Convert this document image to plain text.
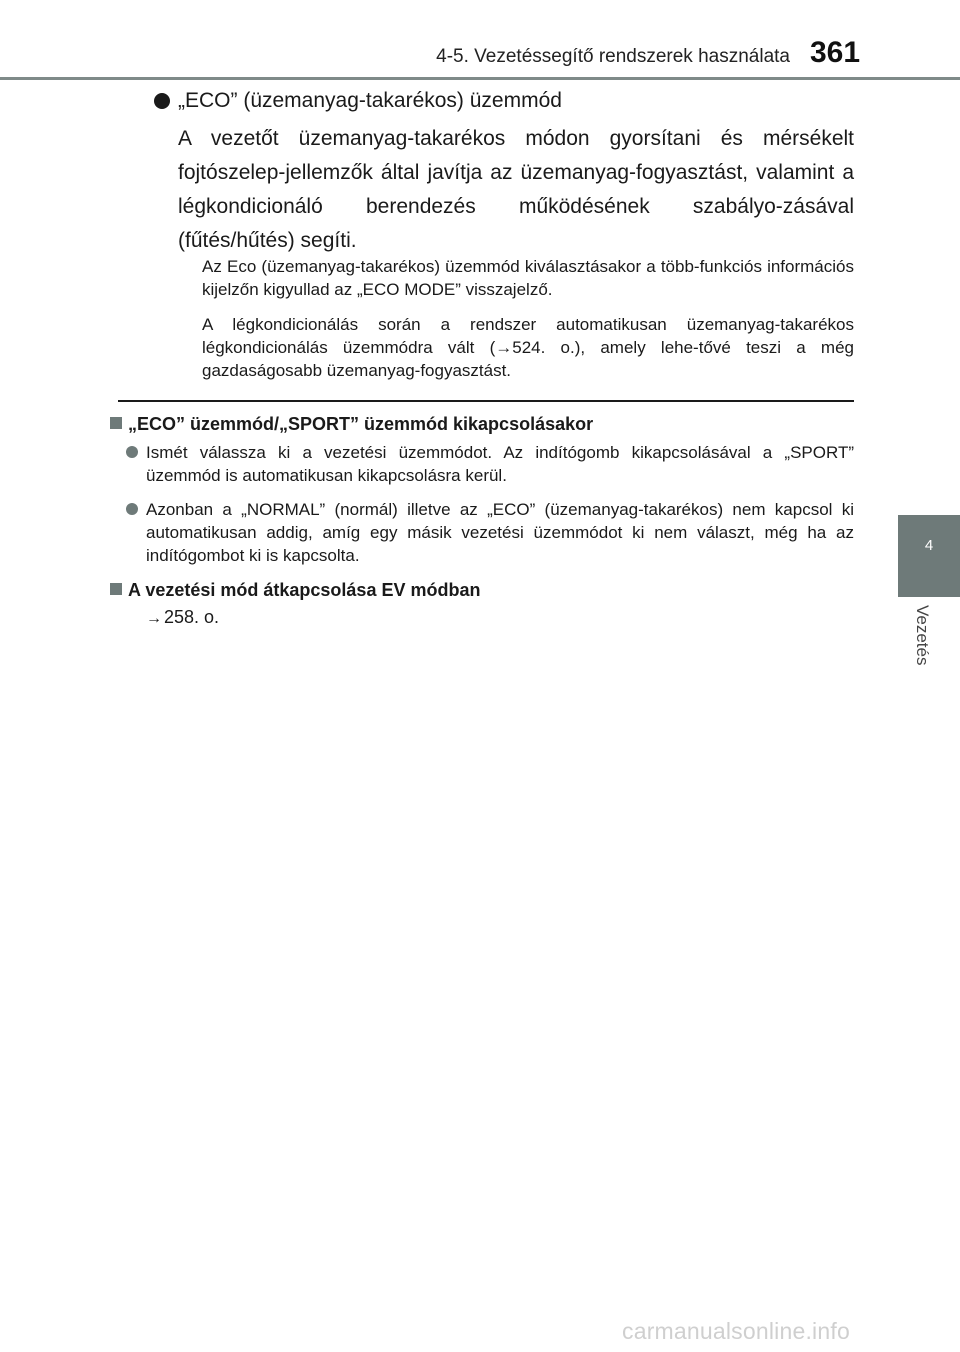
4-5. Vezetéssegítő rendszerek használata 361
4
Vezetés
„ECO” (üzemanyag-takarékos) üzemmód
A vezetőt üzemanyag-takarékos módon gyorsítani és mérsékelt fojtószelep-jellemzők által javítja az üzemanyag-fogyasztást, valamint a légkondicionáló berendezés működésének szabályo-zásával (fűtés/hűtés) segíti.
Az Eco (üzemanyag-takarékos) üzemmód kiválasztásakor a több-funkciós információs kijelzőn kigyullad az „ECO MODE” visszajelző.
A légkondicionálás során a rendszer automatikusan üzemanyag-takarékos légkondicionálás üzemmódra vált (→524. o.), amely lehe-tővé teszi a még gazdaságosabb üzemanyag-fogyasztást.
„ECO” üzemmód/„SPORT” üzemmód kikapcsolásakor
Ismét válassza ki a vezetési üzemmódot. Az indítógomb kikapcsolásával a „SPORT” üzemmód is automatikusan kikapcsolásra kerül.
Azonban a „NORMAL” (normál) illetve az „ECO” (üzemanyag-takarékos) nem kapcsol ki automatikusan addig, amíg egy másik vezetési üzemmódot ki nem választ, még ha az indítógombot ki is kapcsolta.
A vezetési mód átkapcsolása EV módban
→ 258. o.
carmanualsonline.info
